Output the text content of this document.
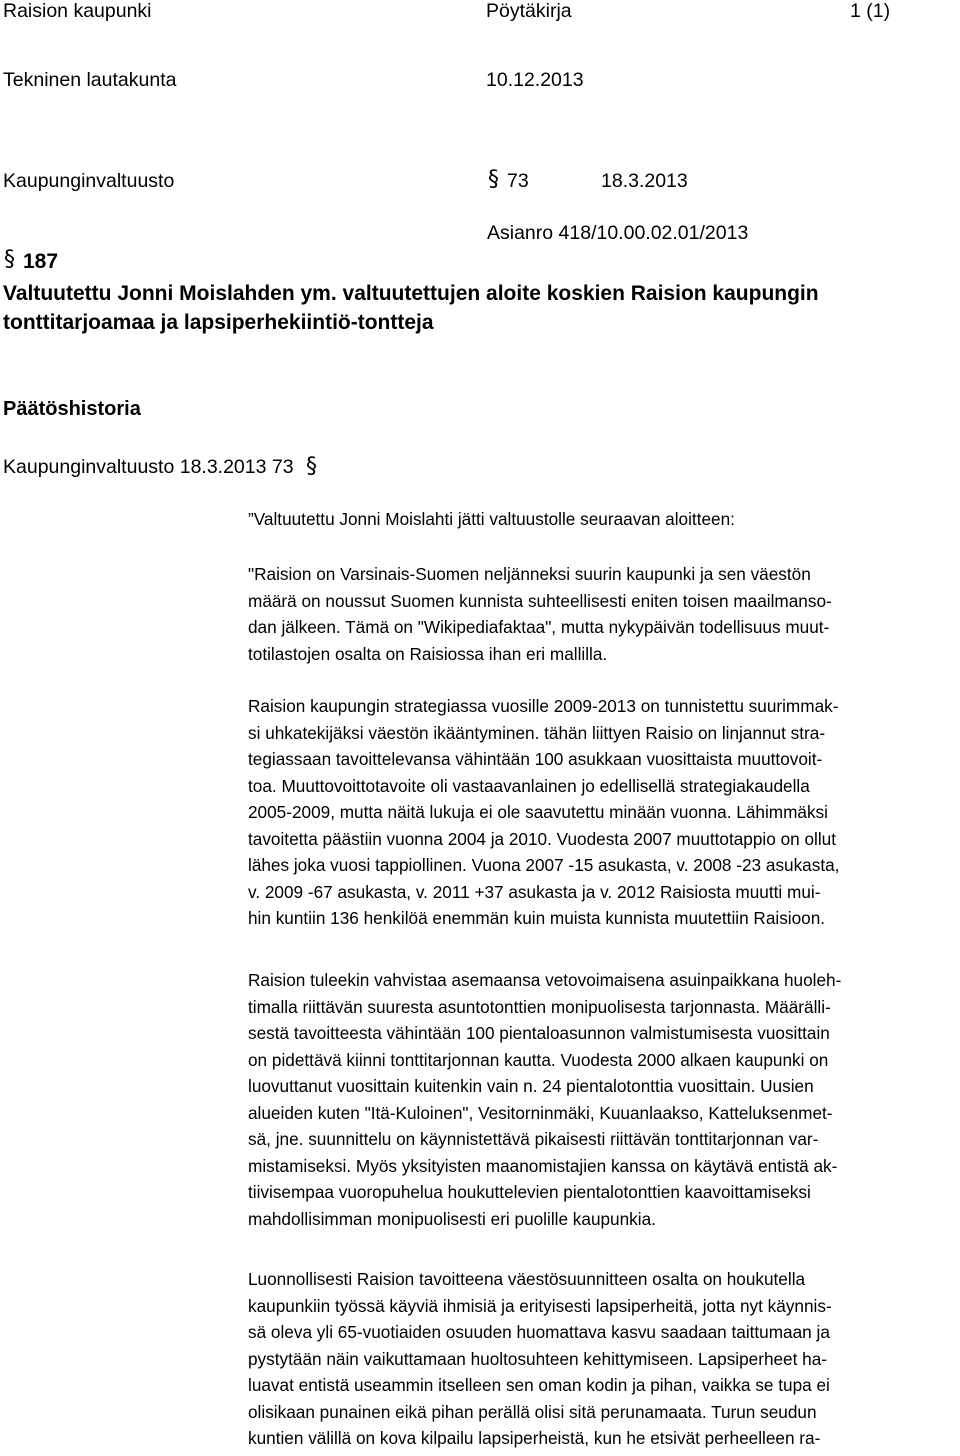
Raision kaupunki	Pöytäkirja	1 (1)
Tekninen lautakunta	10.12.2013
Kaupunginvaltuusto	§ 73	18.3.2013
Asianro 418/10.00.02.01/2013
§ 187
Valtuutettu Jonni Moislahden ym. valtuutettujen aloite koskien Raision kaupungin
tonttitarjoamaa ja lapsiperhekiintiö-tontteja
Päätöshistoria
Kaupunginvaltuusto 18.3.2013 73 §
”Valtuutettu Jonni Moislahti jätti valtuustolle seuraavan aloitteen:

"Raision on Varsinais-Suomen neljänneksi suurin kaupunki ja sen väestön

määrä on noussut Suomen kunnista suhteellisesti eniten toisen maailmanso-

dan jälkeen. Tämä on "Wikipediafaktaa", mutta nykypäivän todellisuus muut-

totilastojen osalta on Raisiossa ihan eri mallilla.

Raision kaupungin strategiassa vuosille 2009-2013 on tunnistettu suurimmak-

si uhkatekijäksi väestön ikääntyminen. tähän liittyen Raisio on linjannut stra-

tegiassaan tavoittelevansa vähintään 100 asukkaan vuosittaista muuttovoit-

toa. Muuttovoittotavoite oli vastaavanlainen jo edellisellä strategiakaudella

2005-2009, mutta näitä lukuja ei ole saavutettu minään vuonna. Lähimmäksi

tavoitetta päästiin vuonna 2004 ja 2010. Vuodesta 2007 muuttotappio on ollut

lähes joka vuosi tappiollinen. Vuona 2007 -15 asukasta, v. 2008 -23 asukasta,

v. 2009 -67 asukasta, v. 2011 +37 asukasta ja v. 2012 Raisiosta muutti mui-

hin kuntiin 136 henkilöä enemmän kuin muista kunnista muutettiin Raisioon.

Raision tuleekin vahvistaa asemaansa vetovoimaisena asuinpaikkana huoleh-

timalla riittävän suuresta asuntotonttien monipuolisesta tarjonnasta. Määrälli-

sestä tavoitteesta vähintään 100 pientaloasunnon valmistumisesta vuosittain

on pidettävä kiinni tonttitarjonnan kautta. Vuodesta 2000 alkaen kaupunki on

luovuttanut vuosittain kuitenkin vain n. 24 pientalotonttia vuosittain. Uusien

alueiden kuten "Itä-Kuloinen", Vesitorninmäki, Kuuanlaakso, Katteluksenmet-

sä, jne. suunnittelu on käynnistettävä pikaisesti riittävän tonttitarjonnan var-

mistamiseksi. Myös yksityisten maanomistajien kanssa on käytävä entistä ak-

tiivisempaa vuoropuhelua houkuttelevien pientalotonttien kaavoittamiseksi

mahdollisimman monipuolisesti eri puolille kaupunkia.

Luonnollisesti Raision tavoitteena väestösuunnitteen osalta on houkutella

kaupunkiin työssä käyviä ihmisiä ja erityisesti lapsiperheitä, jotta nyt käynnis-

sä oleva yli 65-vuotiaiden osuuden huomattava kasvu saadaan taittumaan ja

pystytään näin vaikuttamaan huoltosuhteen kehittymiseen. Lapsiperheet ha-

luavat entistä useammin itselleen sen oman kodin ja pihan, vaikka se tupa ei

olisikaan punainen eikä pihan perällä olisi sitä perunamaata. Turun seudun

kuntien välillä on kova kilpailu lapsiperheistä, kun he etsivät perheelleen ra-
